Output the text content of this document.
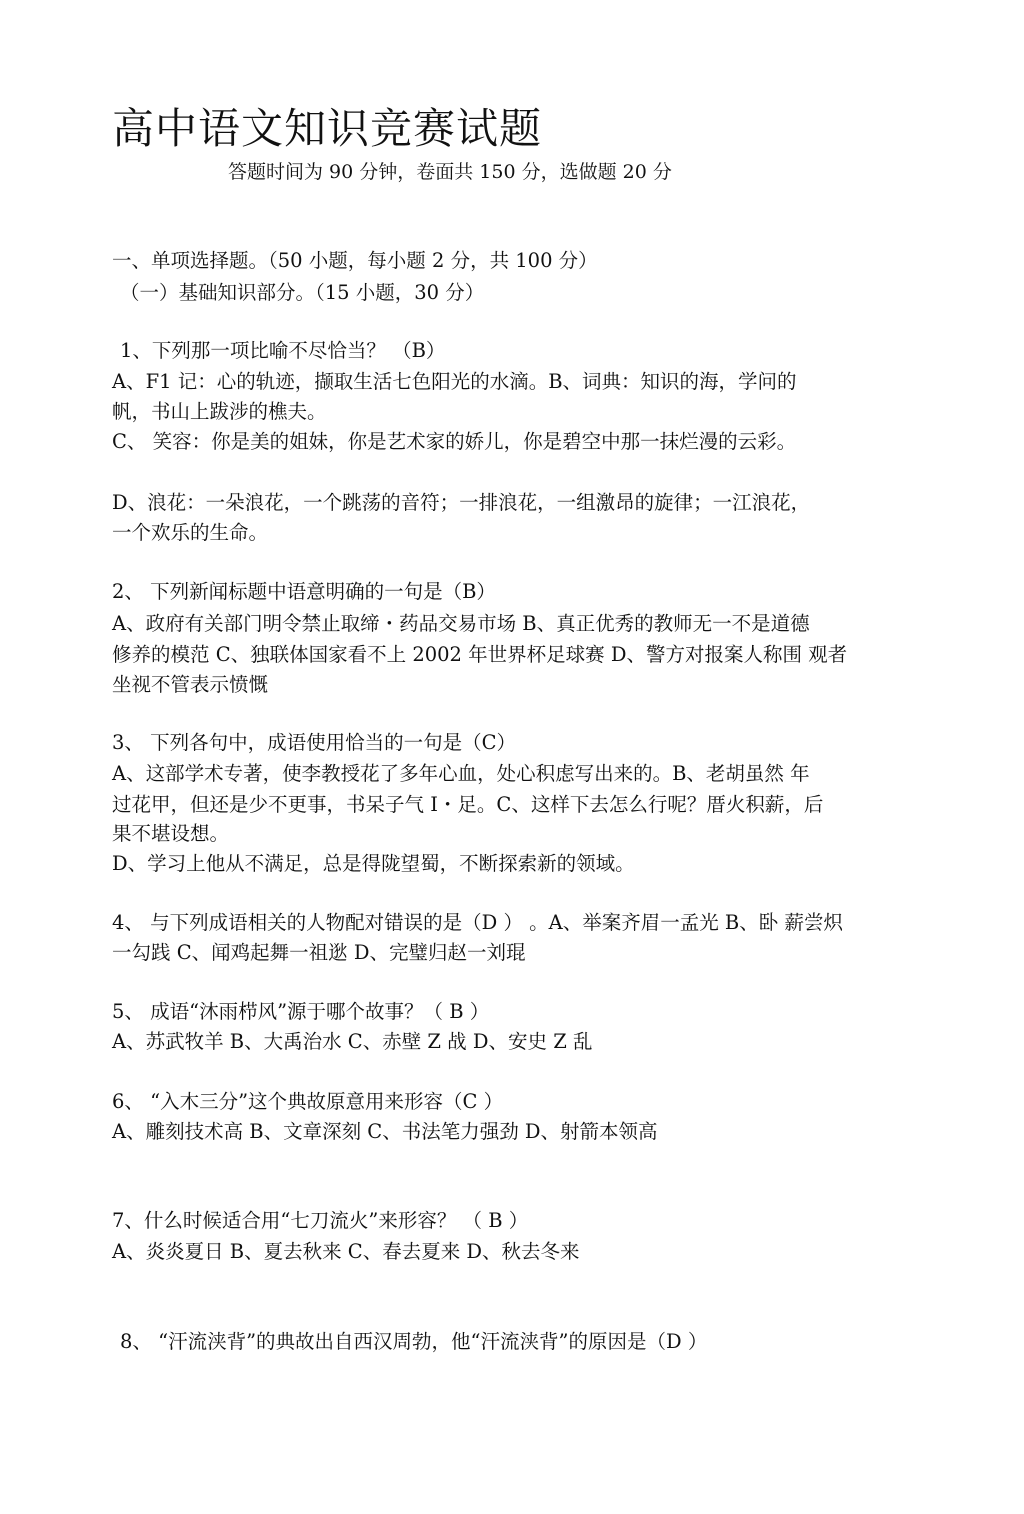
高中语文知识竞赛试题
答题时间为 90 分钟，卷面共 150 分，选做题 20 分
一、单项选择题。（50 小题，每小题 2 分，共 100 分）
（一）基础知识部分。（15 小题，30 分）
1、下列那一项比喻不尽恰当？ （B）
A、F1 记：心的轨迹，撷取生活七色阳光的水滴。B、词典：知识的海，学问的
帆，书山上跋涉的樵夫。
C、 笑容：你是美的姐妹，你是艺术家的娇儿，你是碧空中那一抹烂漫的云彩。
D、浪花：一朵浪花，一个跳荡的音符；一排浪花，一组激昂的旋律；一江浪花，
一个欢乐的生命。
2、 下列新闻标题中语意明确的一句是（B）
A、政府有关部门明令禁止取缔・药品交易市场 B、真正优秀的教师无一不是道德
修养的模范 C、独联体国家看不上 2002 年世界杯足球赛 D、警方对报案人称围 观者
坐视不管表示愤慨
3、 下列各句中，成语使用恰当的一句是（C）
A、这部学术专著，使李教授花了多年心血，处心积虑写出来的。B、老胡虽然 年
过花甲，但还是少不更事，书呆子气 I・足。C、这样下去怎么行呢？厝火积薪，后
果不堪设想。
D、学习上他从不满足，总是得陇望蜀，不断探索新的领域。
4、 与下列成语相关的人物配对错误的是（D ） 。A、举案齐眉一孟光 B、卧 薪尝炽
一勾践 C、闻鸡起舞一祖逖 D、完璧归赵一刘琨
5、 成语“沐雨栉风”源于哪个故事？（ B ）
A、苏武牧羊 B、大禹治水 C、赤壁 Z 战 D、安史 Z 乱
6、 “入木三分”这个典故原意用来形容（C ）
A、雕刻技术高 B、文章深刻 C、书法笔力强劲 D、射箭本领高
7、什么时候适合用“七刀流火”来形容？ （ B ）
A、炎炎夏日 B、夏去秋来 C、春去夏来 D、秋去冬来
8、 “汗流浃背”的典故出自西汉周勃，他“汗流浃背”的原因是（D ）
